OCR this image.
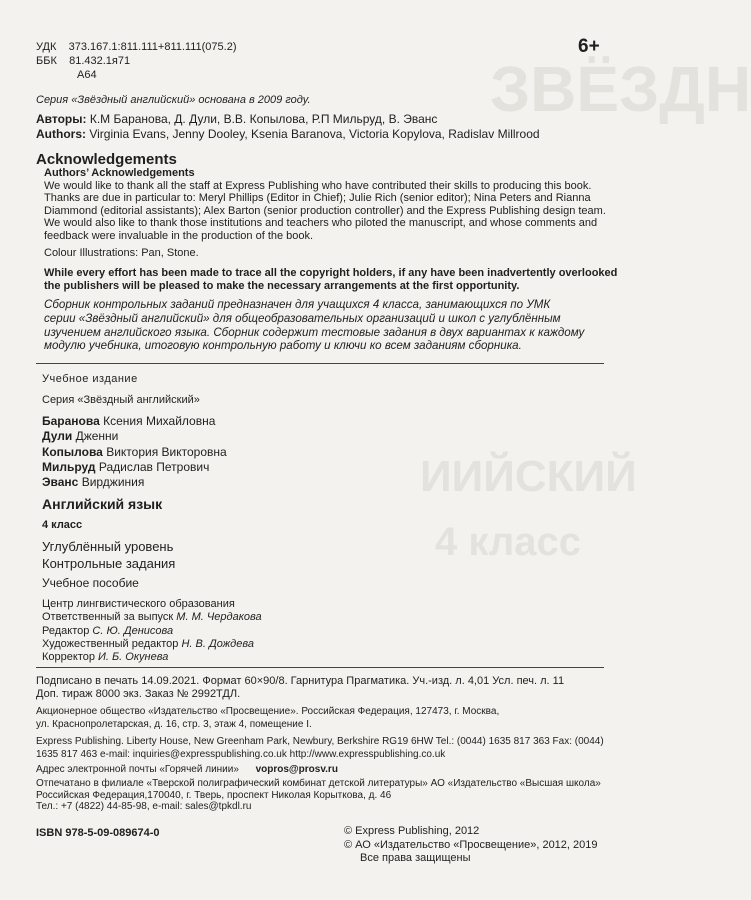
ЗВЁЗДН
ИИЙСКИЙ
4 класс
УДК 373.167.1:811.111+811.111(075.2)
ББК 81.432.1я71
А64
6+
Серия «Звёздный английский» основана в 2009 году.
Авторы: К.М Баранова, Д. Дули, В.В. Копылова, Р.П Мильруд, В. Эванс
Authors: Virginia Evans, Jenny Dooley, Ksenia Baranova, Victoria Kopylova, Radislav Millrood
Acknowledgements
Authors’ Acknowledgements
We would like to thank all the staff at Express Publishing who have contributed their skills to producing this book.
Thanks are due in particular to: Meryl Phillips (Editor in Chief); Julie Rich (senior editor); Nina Peters and Rianna
Diammond (editorial assistants); Alex Barton (senior production controller) and the Express Publishing design team.
We would also like to thank those institutions and teachers who piloted the manuscript, and whose comments and
feedback were invaluable in the production of the book.
Colour Illustrations: Pan, Stone.
While every effort has been made to trace all the copyright holders, if any have been inadvertently overlooked
the publishers will be pleased to make the necessary arrangements at the first opportunity.
Сборник контрольных заданий предназначен для учащихся 4 класса, занимающихся по УМК
серии «Звёздный английский» для общеобразовательных организаций и школ с углублённым
изучением английского языка. Сборник содержит тестовые задания в двух вариантах к каждому
модулю учебника, итоговую контрольную работу и ключи ко всем заданиям сборника.
Учебное издание
Серия «Звёздный английский»
Баранова Ксения Михайловна
Дули Дженни
Копылова Виктория Викторовна
Мильруд Радислав Петрович
Эванс Вирджиния
Английский язык
4 класс
Углублённый уровень
Контрольные задания
Учебное пособие
Центр лингвистического образования
Ответственный за выпуск М. М. Чердакова
Редактор С. Ю. Денисова
Художественный редактор Н. В. Дождева
Корректор И. Б. Окунева
Подписано в печать 14.09.2021. Формат 60×90/8. Гарнитура Прагматика. Уч.-изд. л. 4,01 Усл. печ. л. 11
Доп. тираж 8000 экз. Заказ № 2992ТДЛ.
Акционерное общество «Издательство «Просвещение». Российская Федерация, 127473, г. Москва,
ул. Краснопролетарская, д. 16, стр. 3, этаж 4, помещение I.
Express Publishing. Liberty House, New Greenham Park, Newbury, Berkshire RG19 6HW Tel.: (0044) 1635 817 363 Fax: (0044)
1635 817 463 e-mail: inquiries@expresspublishing.co.uk http://www.expresspublishing.co.uk
Адрес электронной почты «Горячей линии» vopros@prosv.ru
Отпечатано в филиале «Тверской полиграфический комбинат детской литературы» АО «Издательство «Высшая школа»
Российская Федерация,170040, г. Тверь, проспект Николая Корыткова, д. 46
Тел.: +7 (4822) 44-85-98, e-mail: sales@tpkdl.ru
ISBN 978-5-09-089674-0	© Express Publishing, 2012
© АО «Издательство «Просвещение», 2012, 2019
Все права защищены
